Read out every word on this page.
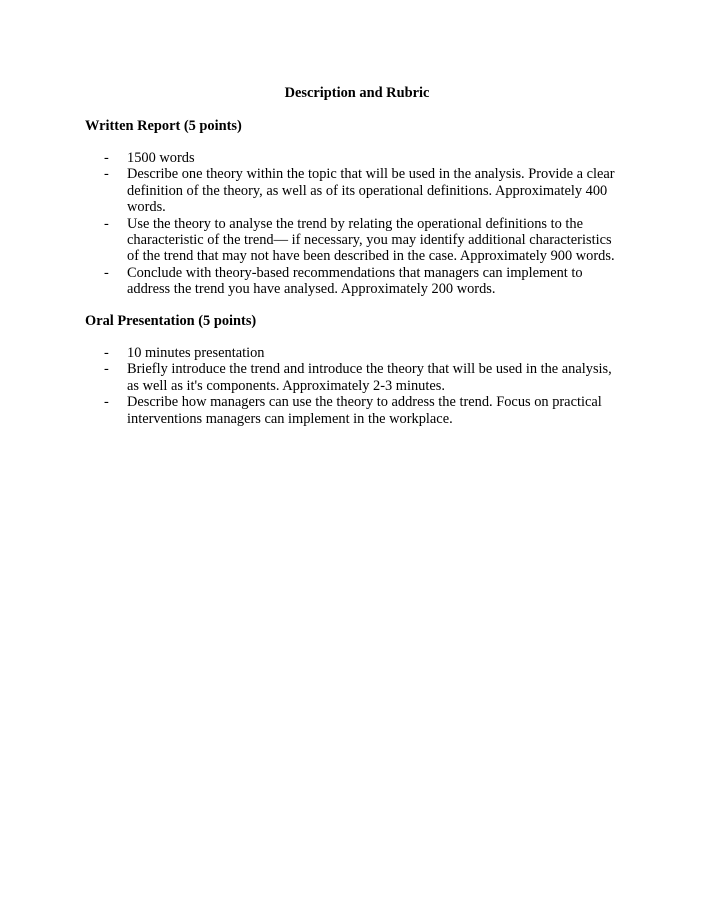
Description and Rubric

Written Report (5 points)

- 1500 words
- Describe one theory within the topic that will be used in the analysis. Provide a clear definition of the theory, as well as of its operational definitions. Approximately 400 words.
- Use the theory to analyse the trend by relating the operational definitions to the characteristic of the trend— if necessary, you may identify additional characteristics of the trend that may not have been described in the case. Approximately 900 words.
- Conclude with theory-based recommendations that managers can implement to address the trend you have analysed. Approximately 200 words.

Oral Presentation (5 points)

- 10 minutes presentation
- Briefly introduce the trend and introduce the theory that will be used in the analysis, as well as it's components. Approximately 2-3 minutes.
- Describe how managers can use the theory to address the trend. Focus on practical interventions managers can implement in the workplace.
